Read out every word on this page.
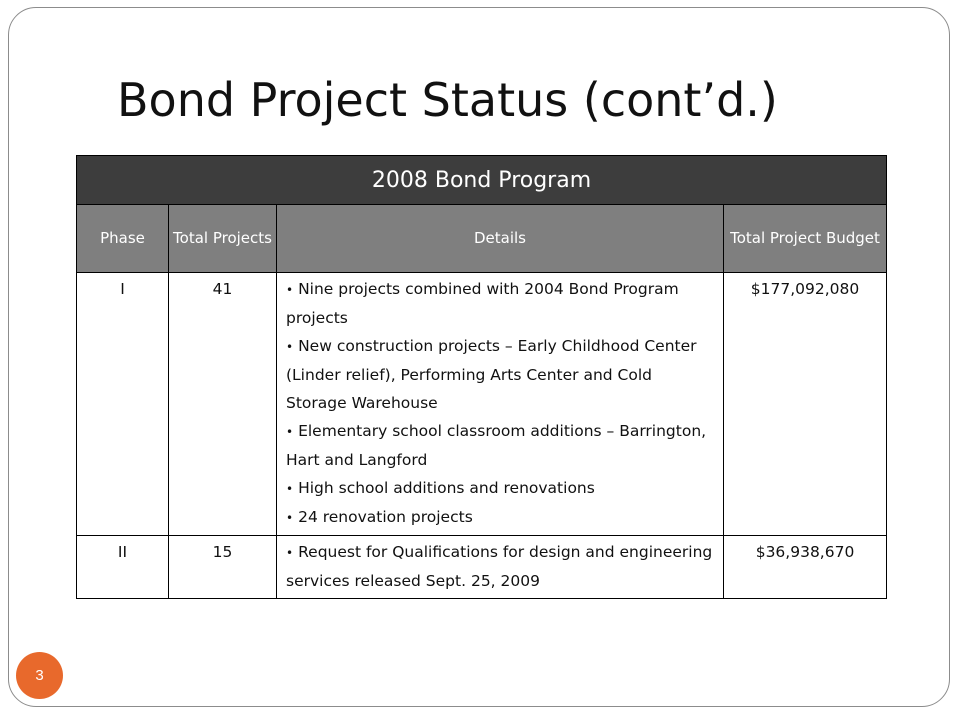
Bond Project Status (cont’d.)
2008 Bond Program			
Phase	Total Projects	Details	Total Project Budget
I	41	• Nine projects combined with 2004 Bond Program projects
• New construction projects – Early Childhood Center (Linder relief), Performing Arts Center and Cold Storage Warehouse
• Elementary school classroom additions – Barrington, Hart and Langford
• High school additions and renovations
• 24 renovation projects	$177,092,080
II	15	• Request for Qualifications for design and engineering services released Sept. 25, 2009	$36,938,670
3
